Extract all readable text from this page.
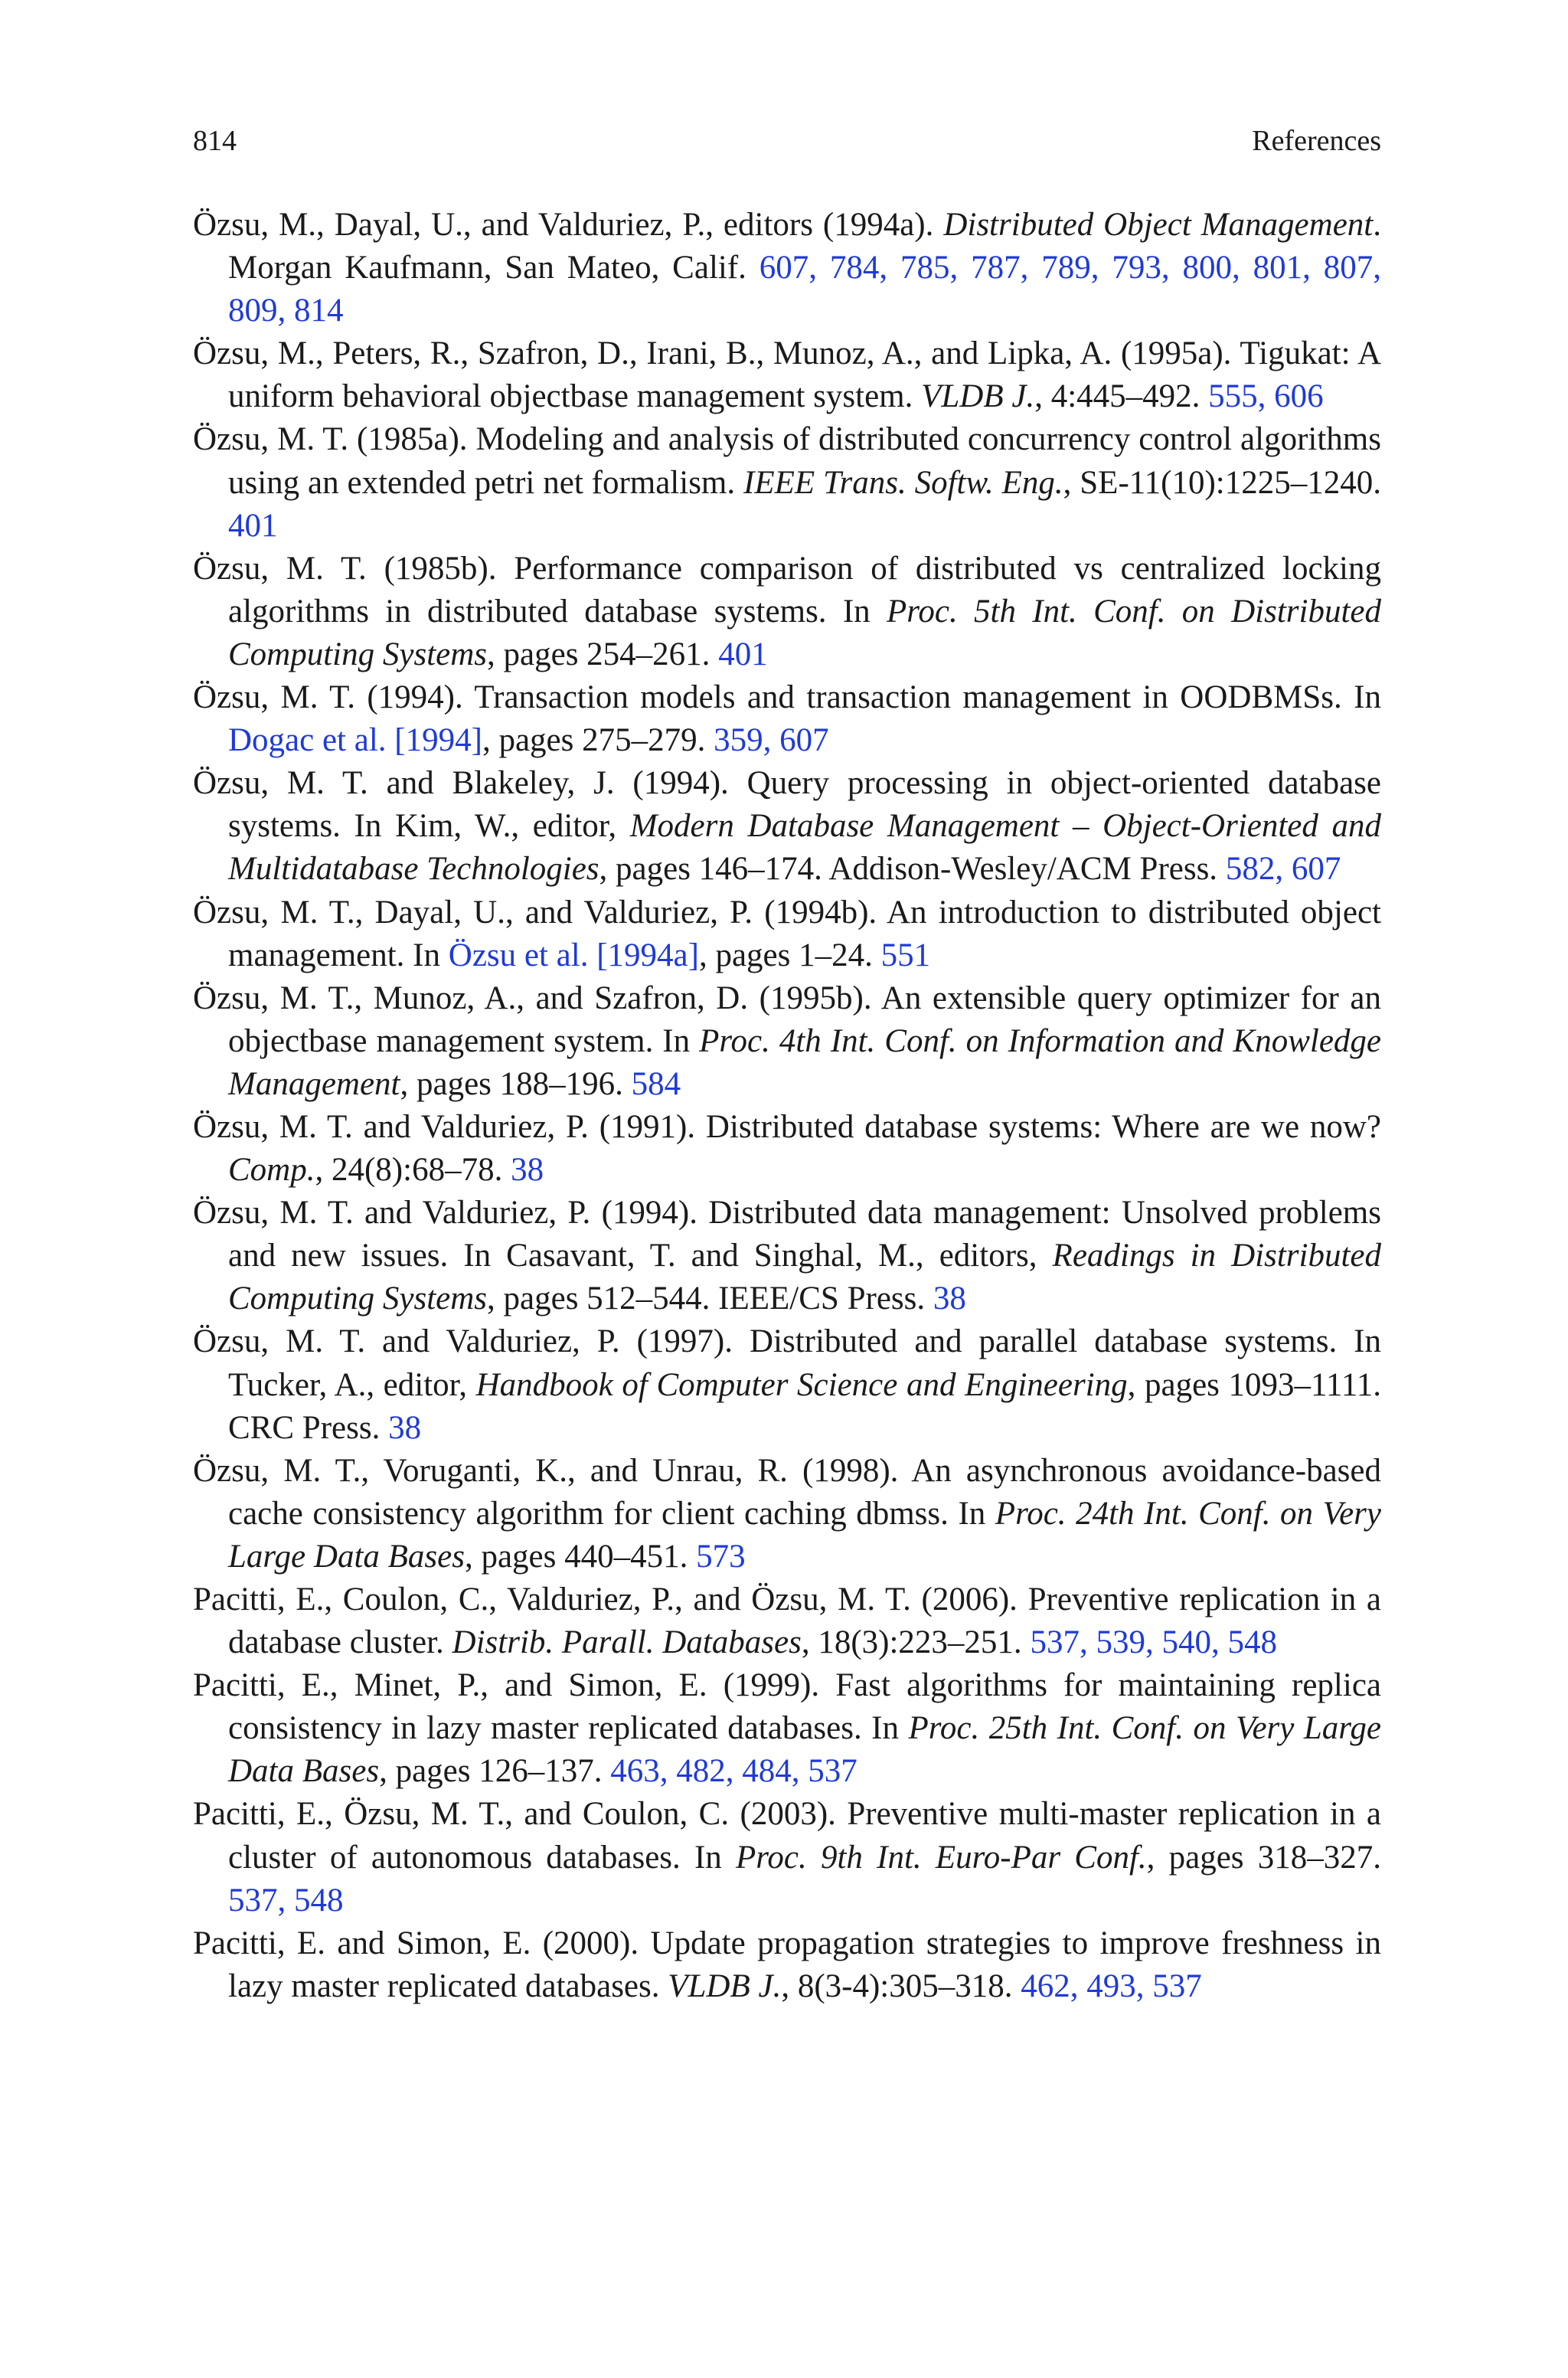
814	References

Özsu, M., Dayal, U., and Valduriez, P., editors (1994a). Distributed Object Management. Morgan Kaufmann, San Mateo, Calif. 607, 784, 785, 787, 789, 793, 800, 801, 807, 809, 814

Özsu, M., Peters, R., Szafron, D., Irani, B., Munoz, A., and Lipka, A. (1995a). Tigukat: A uniform behavioral objectbase management system. VLDB J., 4:445–492. 555, 606

Özsu, M. T. (1985a). Modeling and analysis of distributed concurrency control algorithms using an extended petri net formalism. IEEE Trans. Softw. Eng., SE-11(10):1225–1240. 401

Özsu, M. T. (1985b). Performance comparison of distributed vs centralized locking algorithms in distributed database systems. In Proc. 5th Int. Conf. on Distributed Computing Systems, pages 254–261. 401

Özsu, M. T. (1994). Transaction models and transaction management in OODBMSs. In Dogac et al. [1994], pages 275–279. 359, 607

Özsu, M. T. and Blakeley, J. (1994). Query processing in object-oriented database systems. In Kim, W., editor, Modern Database Management – Object-Oriented and Multidatabase Technologies, pages 146–174. Addison-Wesley/ACM Press. 582, 607

Özsu, M. T., Dayal, U., and Valduriez, P. (1994b). An introduction to distributed object management. In Özsu et al. [1994a], pages 1–24. 551

Özsu, M. T., Munoz, A., and Szafron, D. (1995b). An extensible query optimizer for an objectbase management system. In Proc. 4th Int. Conf. on Information and Knowledge Management, pages 188–196. 584

Özsu, M. T. and Valduriez, P. (1991). Distributed database systems: Where are we now? Comp., 24(8):68–78. 38

Özsu, M. T. and Valduriez, P. (1994). Distributed data management: Unsolved problems and new issues. In Casavant, T. and Singhal, M., editors, Readings in Distributed Computing Systems, pages 512–544. IEEE/CS Press. 38

Özsu, M. T. and Valduriez, P. (1997). Distributed and parallel database systems. In Tucker, A., editor, Handbook of Computer Science and Engineering, pages 1093–1111. CRC Press. 38

Özsu, M. T., Voruganti, K., and Unrau, R. (1998). An asynchronous avoidance-based cache consistency algorithm for client caching dbmss. In Proc. 24th Int. Conf. on Very Large Data Bases, pages 440–451. 573

Pacitti, E., Coulon, C., Valduriez, P., and Özsu, M. T. (2006). Preventive replication in a database cluster. Distrib. Parall. Databases, 18(3):223–251. 537, 539, 540, 548

Pacitti, E., Minet, P., and Simon, E. (1999). Fast algorithms for maintaining replica consistency in lazy master replicated databases. In Proc. 25th Int. Conf. on Very Large Data Bases, pages 126–137. 463, 482, 484, 537

Pacitti, E., Özsu, M. T., and Coulon, C. (2003). Preventive multi-master replication in a cluster of autonomous databases. In Proc. 9th Int. Euro-Par Conf., pages 318–327. 537, 548

Pacitti, E. and Simon, E. (2000). Update propagation strategies to improve freshness in lazy master replicated databases. VLDB J., 8(3-4):305–318. 462, 493, 537
